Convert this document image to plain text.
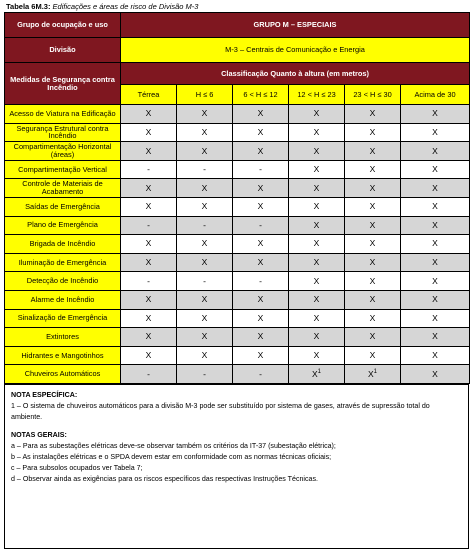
Tabela 6M.3: Edificações e áreas de risco de Divisão M-3
Grupo de ocupação e uso	GRUPO M – ESPECIAIS					
Divisão	M-3 – Centrais de Comunicação e Energia					
Medidas de Segurança contra Incêndio	Classificação Quanto à altura (em metros)					
	Térrea	H ≤ 6	6 < H ≤ 12	12 < H ≤ 23	23 < H ≤ 30	Acima de 30
Acesso de Viatura na Edificação	X	X	X	X	X	X
Segurança Estrutural contra Incêndio	X	X	X	X	X	X
Compartimentação Horizontal (áreas)	X	X	X	X	X	X
Compartimentação Vertical	-	-	-	X	X	X
Controle de Materiais de Acabamento	X	X	X	X	X	X
Saídas de Emergência	X	X	X	X	X	X
Plano de Emergência	-	-	-	X	X	X
Brigada de Incêndio	X	X	X	X	X	X
Iluminação de Emergência	X	X	X	X	X	X
Detecção de Incêndio	-	-	-	X	X	X
Alarme de Incêndio	X	X	X	X	X	X
Sinalização de Emergência	X	X	X	X	X	X
Extintores	X	X	X	X	X	X
Hidrantes e Mangotinhos	X	X	X	X	X	X
Chuveiros Automáticos	-	-	-	$X^1$	$X^1$	X

NOTA ESPECÍFICA:

1 – O sistema de chuveiros automáticos para a divisão M-3 pode ser substituído por sistema de gases, através de supressão total do ambiente.

NOTAS GERAIS:

a – Para as subestações elétricas deve-se observar também os critérios da IT-37 (subestação elétrica);

b – As instalações elétricas e o SPDA devem estar em conformidade com as normas técnicas oficiais;

c – Para subsolos ocupados ver Tabela 7;

d – Observar ainda as exigências para os riscos específicos das respectivas Instruções Técnicas.
